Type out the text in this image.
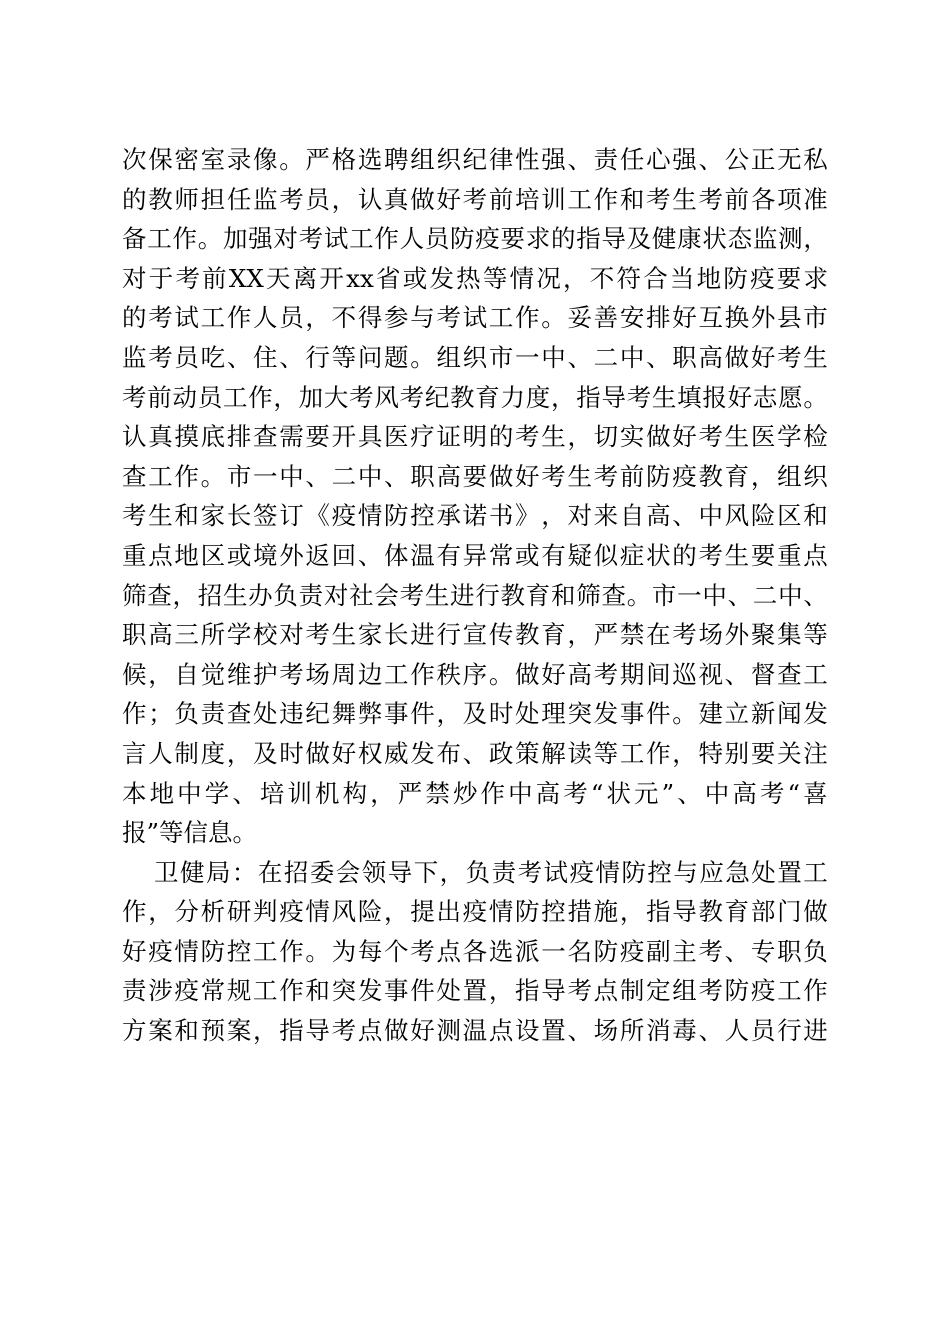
次 保 密 室 录 像 。 严 格 选 聘 组 织 纪 律 性 强 、 责 任 心 强 、 公 正 无 私
的 教 师 担 任 监 考 员 ， 认 真 做 好 考 前 培 训 工 作 和 考 生 考 前 各 项 准
备 工 作 。 加 强 对 考 试 工 作 人 员 防 疫 要 求 的 指 导 及 健 康 状 态 监 测 ，
对 于 考 前 XX 天 离 开 xx 省 或 发 热 等 情 况 ， 不 符 合 当 地 防 疫 要 求
的 考 试 工 作 人 员 ， 不 得 参 与 考 试 工 作 。 妥 善 安 排 好 互 换 外 县 市
监 考 员 吃 、 住 、 行 等 问 题 。 组 织 市 一 中 、 二 中 、 职 高 做 好 考 生
考 前 动 员 工 作 ， 加 大 考 风 考 纪 教 育 力 度 ， 指 导 考 生 填 报 好 志 愿 。
认 真 摸 底 排 查 需 要 开 具 医 疗 证 明 的 考 生 ， 切 实 做 好 考 生 医 学 检
查 工 作 。 市 一 中 、 二 中 、 职 高 要 做 好 考 生 考 前 防 疫 教 育 ， 组 织
考 生 和 家 长 签 订 《 疫 情 防 控 承 诺 书 》 ， 对 来 自 高 、 中 风 险 区 和
重 点 地 区 或 境 外 返 回 、 体 温 有 异 常 或 有 疑 似 症 状 的 考 生 要 重 点
筛 查 ， 招 生 办 负 责 对 社 会 考 生 进 行 教 育 和 筛 查 。 市 一 中 、 二 中 、
职 高 三 所 学 校 对 考 生 家 长 进 行 宣 传 教 育 ， 严 禁 在 考 场 外 聚 集 等
候 ， 自 觉 维 护 考 场 周 边 工 作 秩 序 。 做 好 高 考 期 间 巡 视 、 督 查 工
作 ； 负 责 查 处 违 纪 舞 弊 事 件 ， 及 时 处 理 突 发 事 件 。 建 立 新 闻 发
言 人 制 度 ， 及 时 做 好 权 威 发 布 、 政 策 解 读 等 工 作 ， 特 别 要 关 注
本 地 中 学 、 培 训 机 构 ， 严 禁 炒 作 中 高 考 “ 状 元 ” 、 中 高 考 “ 喜
报”等信息。
卫 健 局 ： 在 招 委 会 领 导 下 ， 负 责 考 试 疫 情 防 控 与 应 急 处 置 工
作 ， 分 析 研 判 疫 情 风 险 ， 提 出 疫 情 防 控 措 施 ， 指 导 教 育 部 门 做
好 疫 情 防 控 工 作 。 为 每 个 考 点 各 选 派 一 名 防 疫 副 主 考 、 专 职 负
责 涉 疫 常 规 工 作 和 突 发 事 件 处 置 ， 指 导 考 点 制 定 组 考 防 疫 工 作
方 案 和 预 案 ， 指 导 考 点 做 好 测 温 点 设 置 、 场 所 消 毒 、 人 员 行 进
